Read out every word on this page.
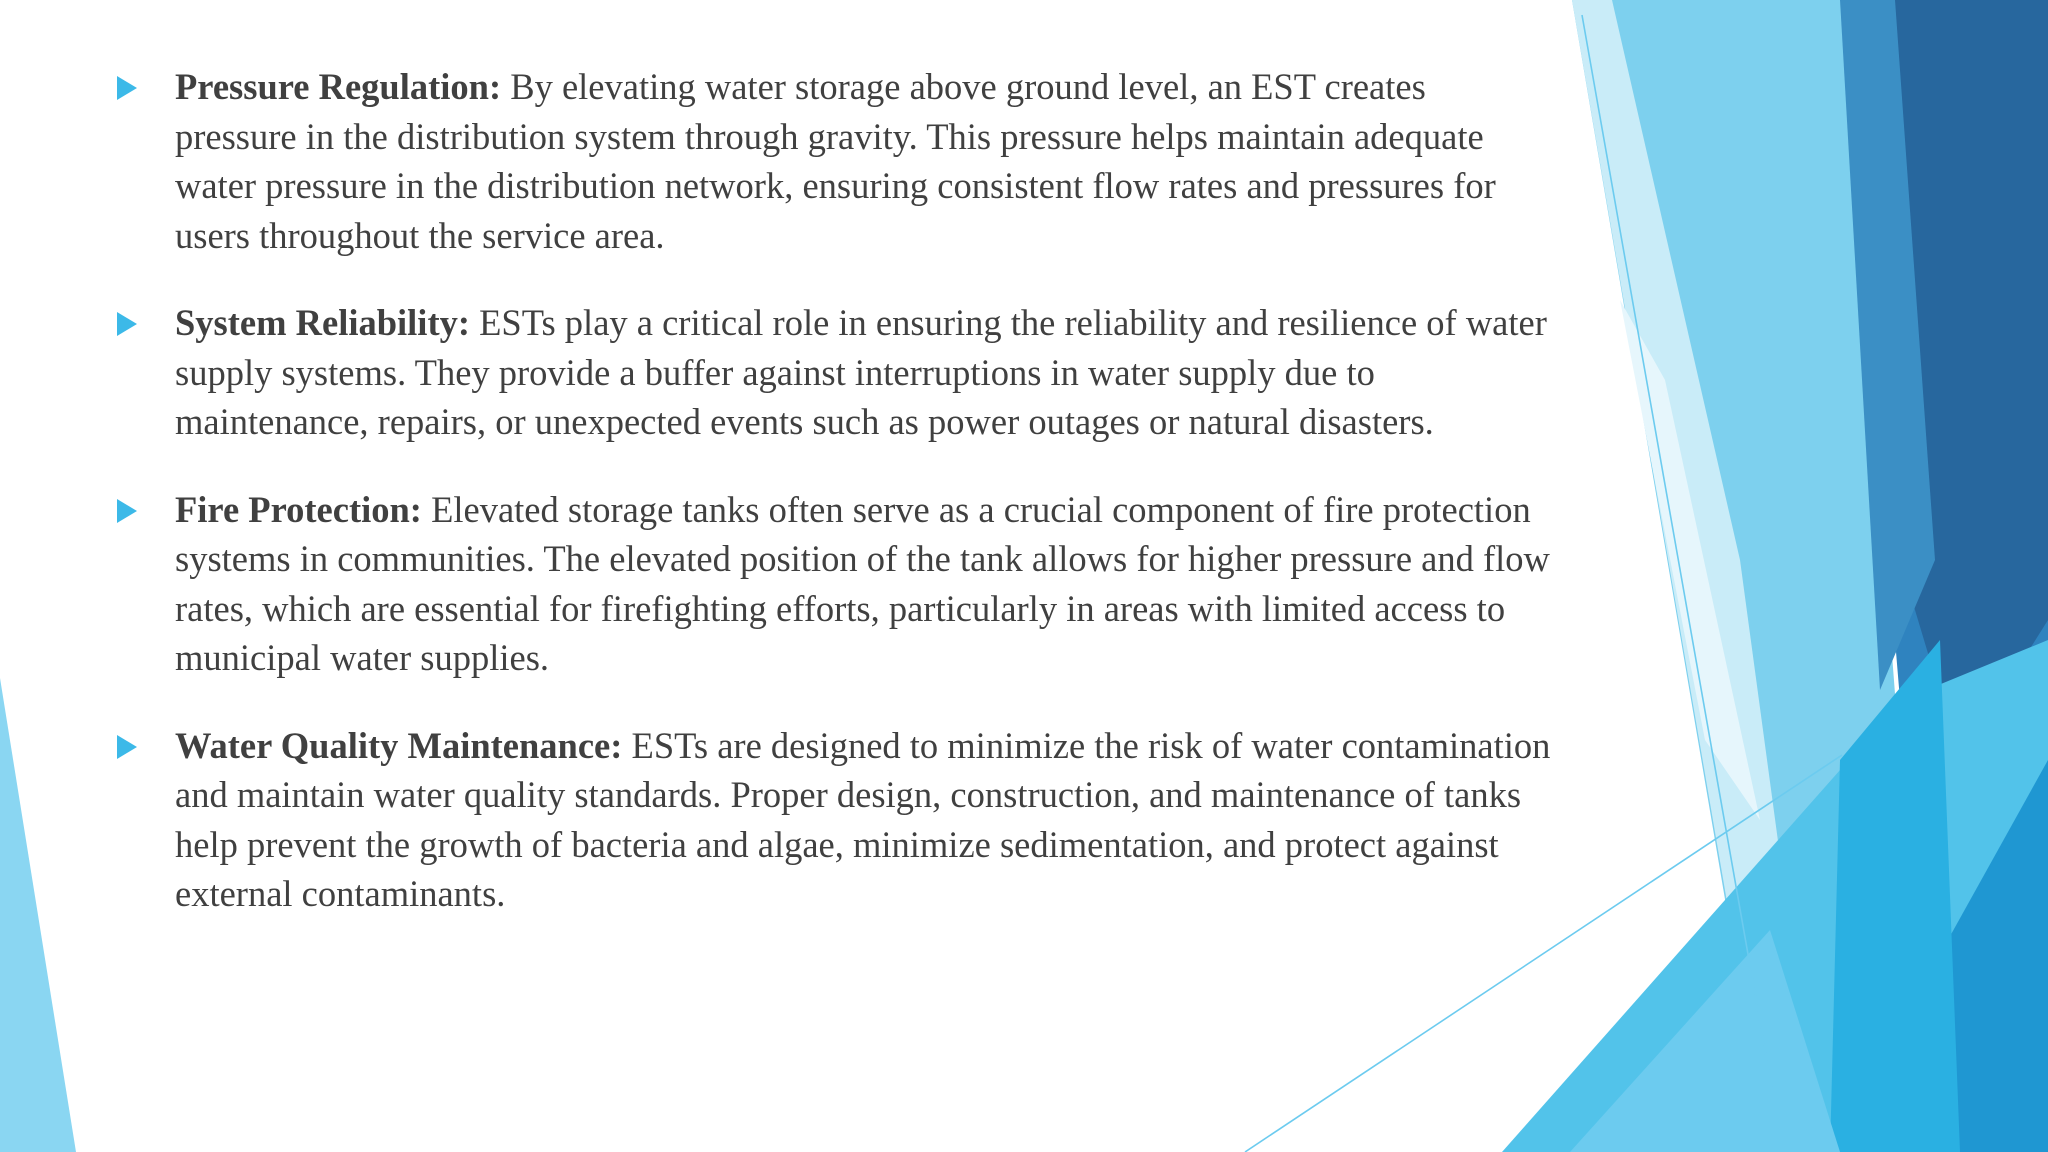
Pressure Regulation: By elevating water storage above ground level, an EST creates pressure in the distribution system through gravity. This pressure helps maintain adequate water pressure in the distribution network, ensuring consistent flow rates and pressures for users throughout the service area.
System Reliability: ESTs play a critical role in ensuring the reliability and resilience of water supply systems. They provide a buffer against interruptions in water supply due to maintenance, repairs, or unexpected events such as power outages or natural disasters.
Fire Protection: Elevated storage tanks often serve as a crucial component of fire protection systems in communities. The elevated position of the tank allows for higher pressure and flow rates, which are essential for firefighting efforts, particularly in areas with limited access to municipal water supplies.
Water Quality Maintenance: ESTs are designed to minimize the risk of water contamination and maintain water quality standards. Proper design, construction, and maintenance of tanks help prevent the growth of bacteria and algae, minimize sedimentation, and protect against external contaminants.
